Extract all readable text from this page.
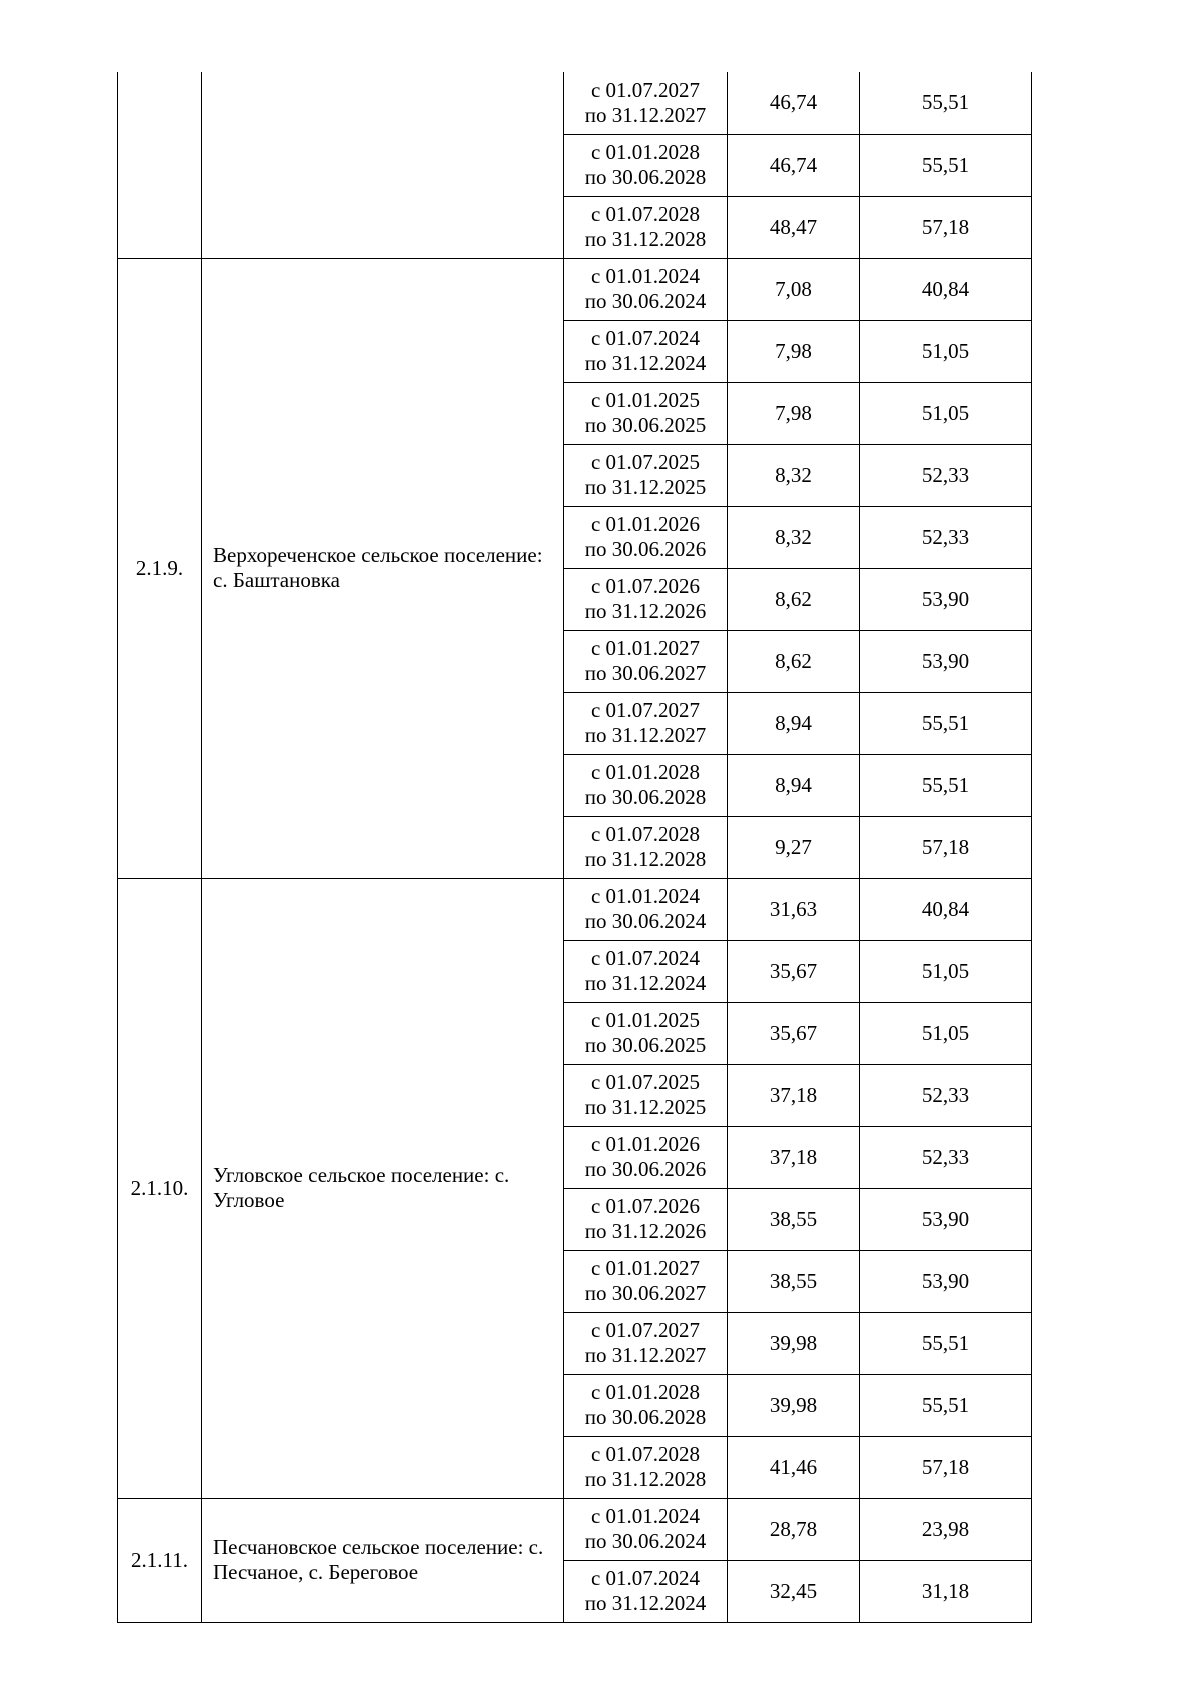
		с 01.07.2027
по 31.12.2027	46,74	55,51

		с 01.01.2028
по 30.06.2028	46,74	55,51

		с 01.07.2028
по 31.12.2028	48,47	57,18
2.1.9.	Верхореченское сельское поселение: с. Баштановка	с 01.01.2024
по 30.06.2024	7,08	40,84

		с 01.07.2024
по 31.12.2024	7,98	51,05

		с 01.01.2025
по 30.06.2025	7,98	51,05

		с 01.07.2025
по 31.12.2025	8,32	52,33

		с 01.01.2026
по 30.06.2026	8,32	52,33

		с 01.07.2026
по 31.12.2026	8,62	53,90

		с 01.01.2027
по 30.06.2027	8,62	53,90

		с 01.07.2027
по 31.12.2027	8,94	55,51

		с 01.01.2028
по 30.06.2028	8,94	55,51

		с 01.07.2028
по 31.12.2028	9,27	57,18
2.1.10.	Угловское сельское поселение: с. Угловое	с 01.01.2024
по 30.06.2024	31,63	40,84

		с 01.07.2024
по 31.12.2024	35,67	51,05

		с 01.01.2025
по 30.06.2025	35,67	51,05

		с 01.07.2025
по 31.12.2025	37,18	52,33

		с 01.01.2026
по 30.06.2026	37,18	52,33

		с 01.07.2026
по 31.12.2026	38,55	53,90

		с 01.01.2027
по 30.06.2027	38,55	53,90

		с 01.07.2027
по 31.12.2027	39,98	55,51

		с 01.01.2028
по 30.06.2028	39,98	55,51

		с 01.07.2028
по 31.12.2028	41,46	57,18
2.1.11.	Песчановское сельское поселение: с. Песчаное, с. Береговое	с 01.01.2024
по 30.06.2024	28,78	23,98

		с 01.07.2024
по 31.12.2024	32,45	31,18
